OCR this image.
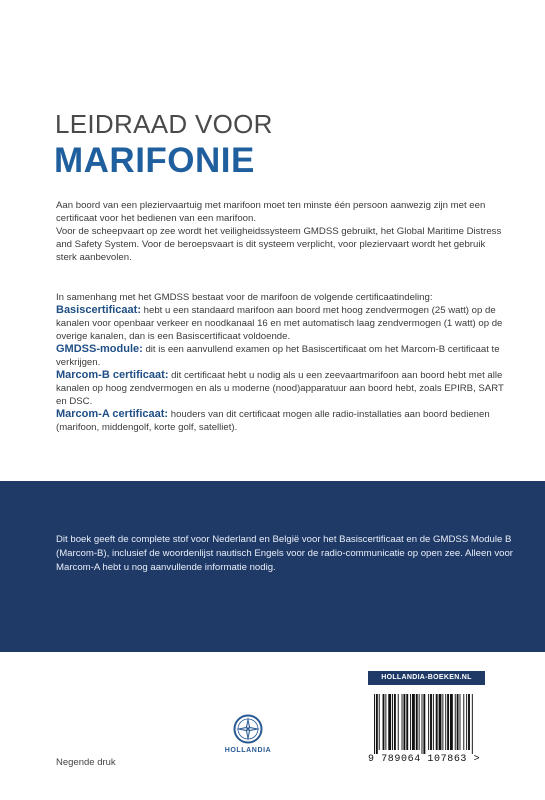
LEIDRAAD VOOR
MARIFONIE

Aan boord van een pleziervaartuig met marifoon moet ten minste één persoon aanwezig zijn met een certificaat voor het bedienen van een marifoon.

Voor de scheepvaart op zee wordt het veiligheidssysteem GMDSS gebruikt, het Global Maritime Distress and Safety System. Voor de beroepsvaart is dit systeem verplicht, voor pleziervaart wordt het gebruik sterk aanbevolen.

In samenhang met het GMDSS bestaat voor de marifoon de volgende certificaatindeling:

Basiscertificaat: hebt u een standaard marifoon aan boord met hoog zendvermogen (25 watt) op de kanalen voor openbaar verkeer en noodkanaal 16 en met automatisch laag zendvermogen (1 watt) op de overige kanalen, dan is een Basiscertificaat voldoende.

GMDSS-module: dit is een aanvullend examen op het Basiscertificaat om het Marcom-B certificaat te verkrijgen.

Marcom-B certificaat: dit certificaat hebt u nodig als u een zeevaartmarifoon aan boord hebt met alle kanalen op hoog zendvermogen en als u moderne (nood)apparatuur aan boord hebt, zoals EPIRB, SART en DSC.

Marcom-A certificaat: houders van dit certificaat mogen alle radio-installaties aan boord bedienen (marifoon, middengolf, korte golf, satelliet).

Dit boek geeft de complete stof voor Nederland en België voor het Basiscertificaat en de GMDSS Module B (Marcom-B), inclusief de woordenlijst nautisch Engels voor de radio-communicatie op open zee. Alleen voor Marcom-A hebt u nog aanvullende informatie nodig.
Negende druk
HOLLANDIA
HOLLANDIA-BOEKEN.NL
9 789064 107863 >
